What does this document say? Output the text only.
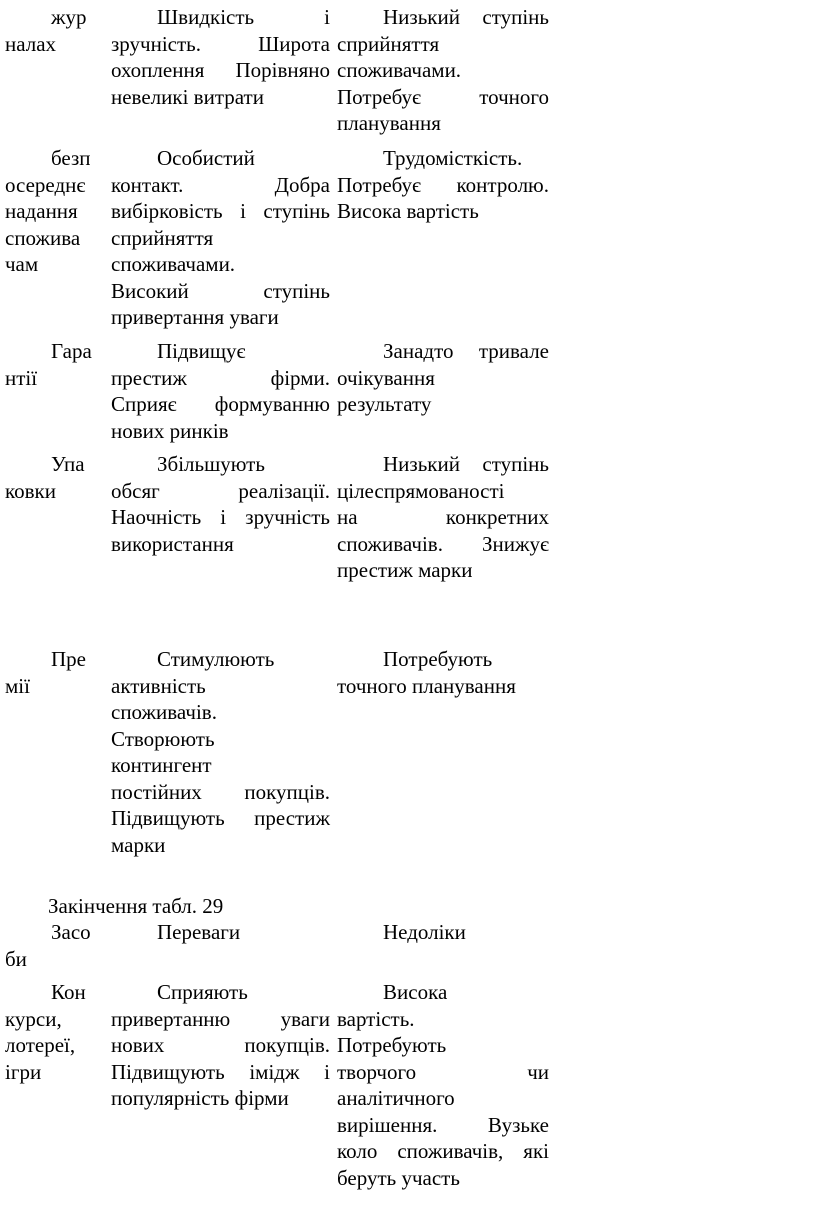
жур
налах
Швидкість і
зручність. Широта
охоплення Порівняно
невеликі витрати
Низький ступінь
сприйняття
споживачами.
Потребує точного
планування
безп
осереднє
надання
спожива
чам
Особистий
контакт. Добра
вибірковість і ступінь
сприйняття
споживачами.
Високий ступінь
привертання уваги
Трудомісткість.
Потребує контролю.
Висока вартість
Гара
нтії
Підвищує
престиж фірми.
Сприяє формуванню
нових ринків
Занадто тривале
очікування
результату
Упа
ковки
Збільшують
обсяг реалізації.
Наочність і зручність
використання
Низький ступінь
цілеспрямованості
на конкретних
споживачів. Знижує
престиж марки
Пре
мії
Стимулюють
активність
споживачів.
Створюють
контингент
постійних покупців.
Підвищують престиж
марки
Потребують
точного планування
Закінчення табл. 29
Засо
би
Переваги	Недоліки
Кон
курси,
лотереї,
ігри
Сприяють
привертанню уваги
нових покупців.
Підвищують імідж і
популярність фірми
Висока
вартість.
Потребують
творчого чи
аналітичного
вирішення. Вузьке
коло споживачів, які
беруть участь
